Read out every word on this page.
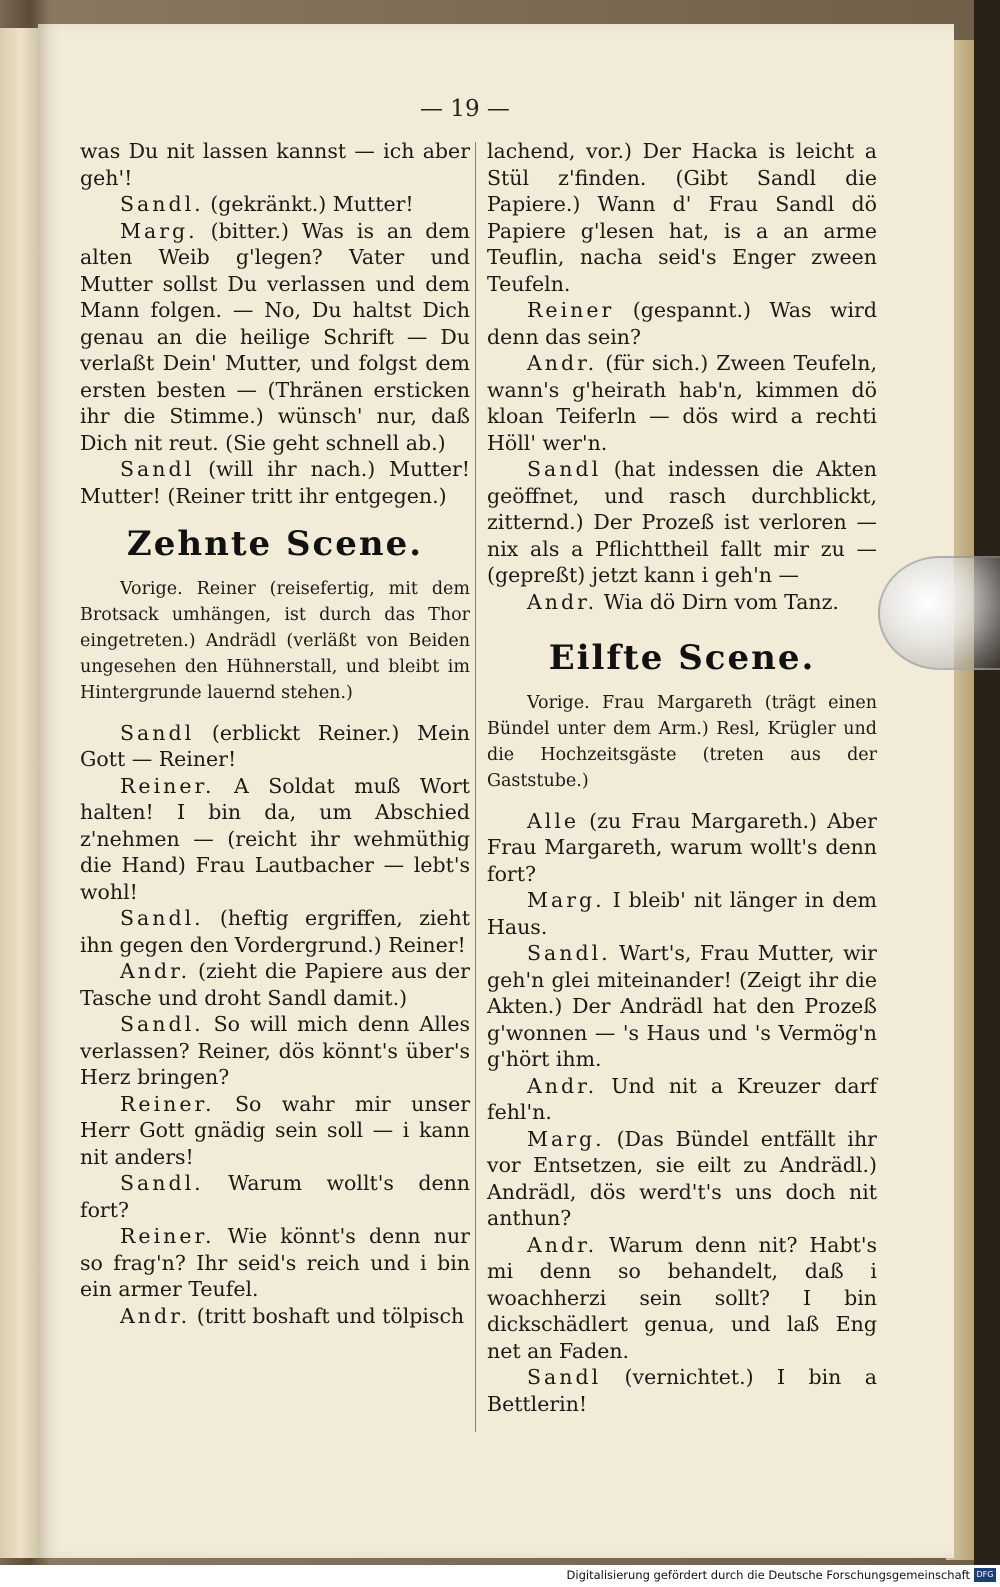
— 19 —

was Du nit lassen kannst — ich aber geh'!

Sandl. (gekränkt.) Mutter!

Marg. (bitter.) Was is an dem alten Weib g'legen? Vater und Mutter sollst Du verlassen und dem Mann folgen. — No, Du haltst Dich genau an die heilige Schrift — Du verlaßt Dein' Mutter, und folgst dem ersten besten — (Thränen ersticken ihr die Stimme.) wünsch' nur, daß Dich nit reut. (Sie geht schnell ab.)

Sandl (will ihr nach.) Mutter! Mutter! (Reiner tritt ihr entgegen.)

Zehnte Scene.

Vorige. Reiner (reisefertig, mit dem Brotsack umhängen, ist durch das Thor eingetreten.) Andrädl (verläßt von Beiden ungesehen den Hühnerstall, und bleibt im Hintergrunde lauernd stehen.)

Sandl (erblickt Reiner.) Mein Gott — Reiner!

Reiner. A Soldat muß Wort halten! I bin da, um Abschied z'nehmen — (reicht ihr wehmüthig die Hand) Frau Lautbacher — lebt's wohl!

Sandl. (heftig ergriffen, zieht ihn gegen den Vordergrund.) Reiner!

Andr. (zieht die Papiere aus der Tasche und droht Sandl damit.)

Sandl. So will mich denn Alles verlassen? Reiner, dös könnt's über's Herz bringen?

Reiner. So wahr mir unser Herr Gott gnädig sein soll — i kann nit anders!

Sandl. Warum wollt's denn fort?

Reiner. Wie könnt's denn nur so frag'n? Ihr seid's reich und i bin ein armer Teufel.

Andr. (tritt boshaft und tölpisch

lachend, vor.) Der Hacka is leicht a Stül z'finden. (Gibt Sandl die Papiere.) Wann d' Frau Sandl dö Papiere g'lesen hat, is a an arme Teuflin, nacha seid's Enger zween Teufeln.

Reiner (gespannt.) Was wird denn das sein?

Andr. (für sich.) Zween Teufeln, wann's g'heirath hab'n, kimmen dö kloan Teiferln — dös wird a rechti Höll' wer'n.

Sandl (hat indessen die Akten geöffnet, und rasch durchblickt, zitternd.) Der Prozeß ist verloren — nix als a Pflichttheil fallt mir zu — (gepreßt) jetzt kann i geh'n —

Andr. Wia dö Dirn vom Tanz.

Eilfte Scene.

Vorige. Frau Margareth (trägt einen Bündel unter dem Arm.) Resl, Krügler und die Hochzeitsgäste (treten aus der Gaststube.)

Alle (zu Frau Margareth.) Aber Frau Margareth, warum wollt's denn fort?

Marg. I bleib' nit länger in dem Haus.

Sandl. Wart's, Frau Mutter, wir geh'n glei miteinander! (Zeigt ihr die Akten.) Der Andrädl hat den Prozeß g'wonnen — 's Haus und 's Vermög'n g'hört ihm.

Andr. Und nit a Kreuzer darf fehl'n.

Marg. (Das Bündel entfällt ihr vor Entsetzen, sie eilt zu Andrädl.) Andrädl, dös werd't's uns doch nit anthun?

Andr. Warum denn nit? Habt's mi denn so behandelt, daß i woachherzi sein sollt? I bin dickschädlert genua, und laß Eng net an Faden.

Sandl (vernichtet.) I bin a Bettlerin!

Digitalisierung gefördert durch die Deutsche Forschungsgemeinschaft DFG
